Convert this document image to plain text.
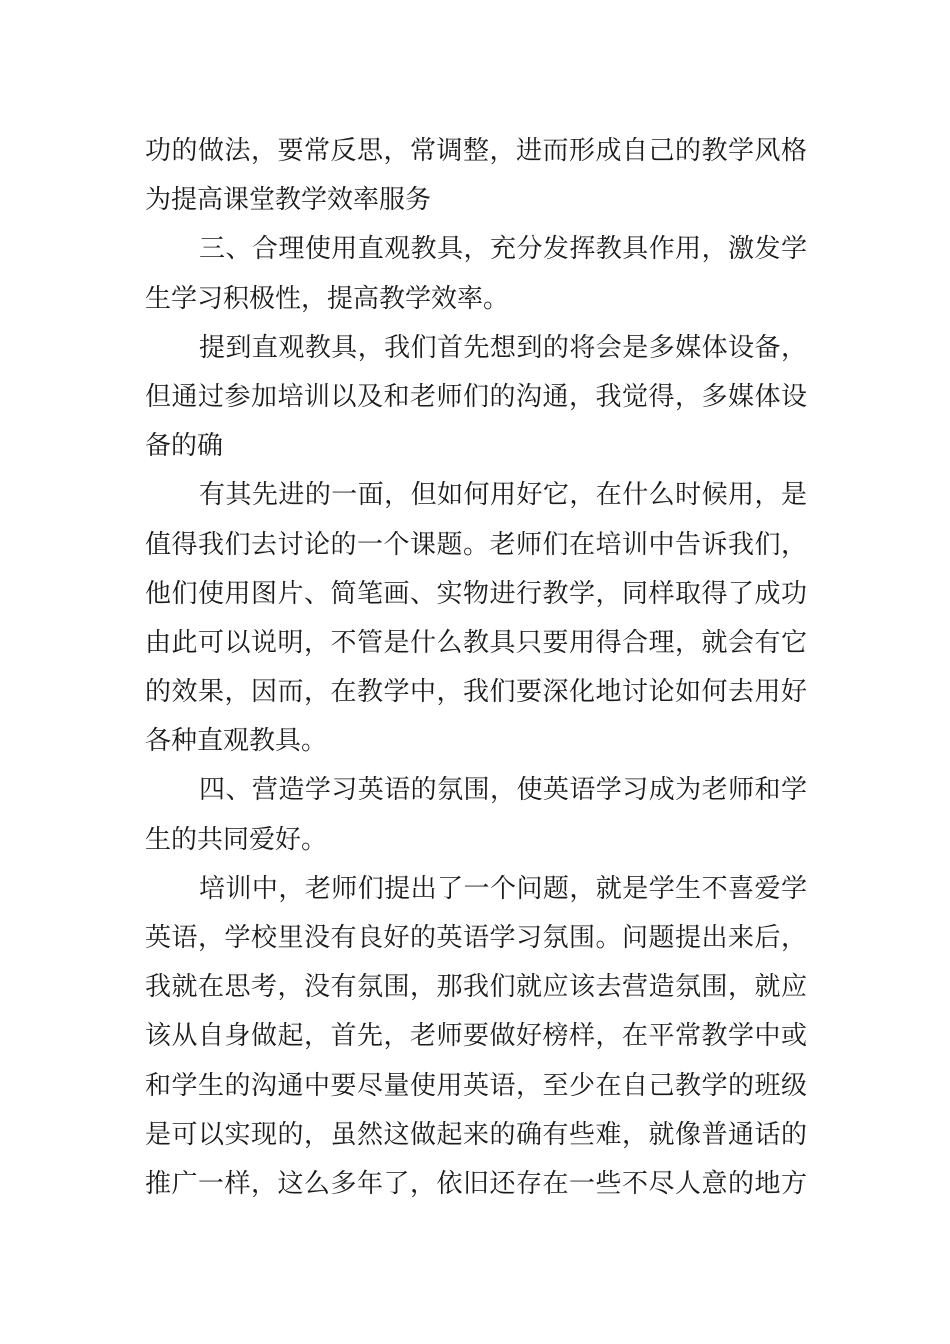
功的做法，要常反思，常调整，进而形成自己的教学风格
为提高课堂教学效率服务
三、合理使用直观教具，充分发挥教具作用，激发学
生学习积极性，提高教学效率。
提到直观教具，我们首先想到的将会是多媒体设备，
但通过参加培训以及和老师们的沟通，我觉得，多媒体设
备的确
有其先进的一面，但如何用好它，在什么时候用，是
值得我们去讨论的一个课题。老师们在培训中告诉我们，
他们使用图片、简笔画、实物进行教学，同样取得了成功
由此可以说明，不管是什么教具只要用得合理，就会有它
的效果，因而，在教学中，我们要深化地讨论如何去用好
各种直观教具。
四、营造学习英语的氛围，使英语学习成为老师和学
生的共同爱好。
培训中，老师们提出了一个问题，就是学生不喜爱学
英语，学校里没有良好的英语学习氛围。问题提出来后，
我就在思考，没有氛围，那我们就应该去营造氛围，就应
该从自身做起，首先，老师要做好榜样，在平常教学中或
和学生的沟通中要尽量使用英语，至少在自己教学的班级
是可以实现的，虽然这做起来的确有些难，就像普通话的
推广一样，这么多年了，依旧还存在一些不尽人意的地方
